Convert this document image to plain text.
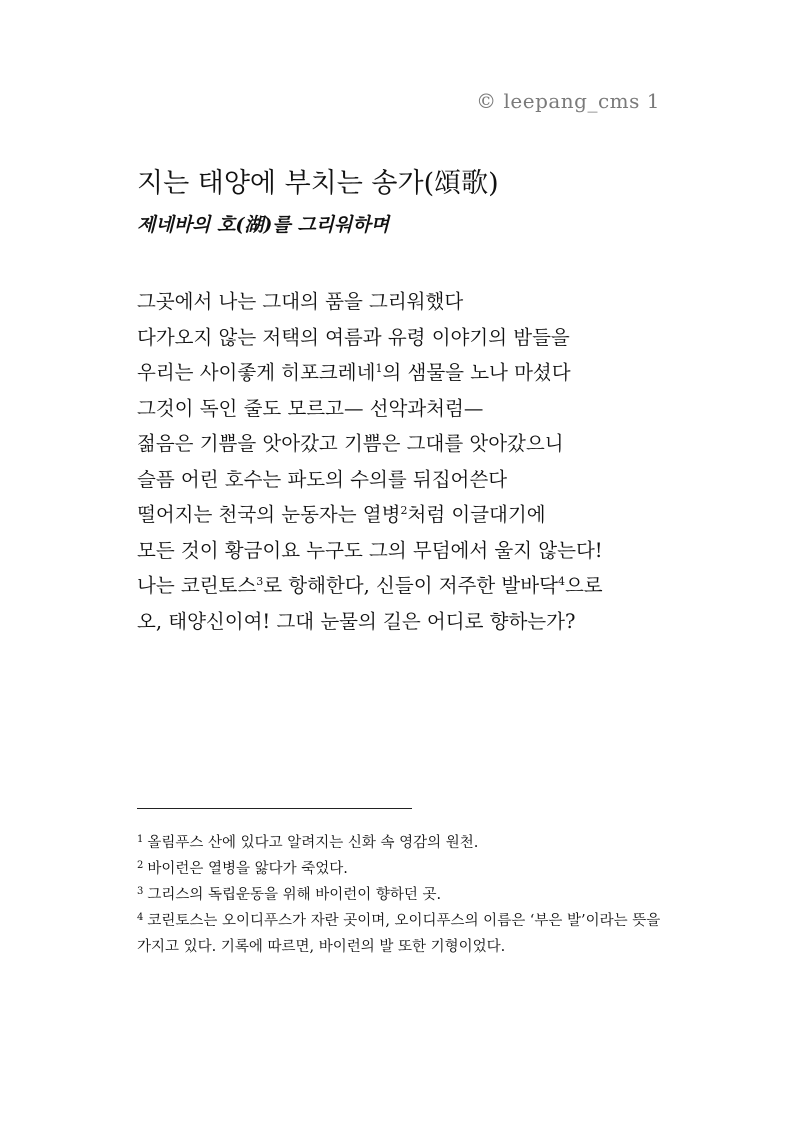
© leepang_cms 1
지는 태양에 부치는 송가(頌歌)
제네바의 호(湖)를 그리워하며
그곳에서 나는 그대의 품을 그리워했다
다가오지 않는 저택의 여름과 유령 이야기의 밤들을
우리는 사이좋게 히포크레네$^1$의 샘물을 노나 마셨다
그것이 독인 줄도 모르고— 선악과처럼—
젊음은 기쁨을 앗아갔고 기쁨은 그대를 앗아갔으니
슬픔 어린 호수는 파도의 수의를 뒤집어쓴다
떨어지는 천국의 눈동자는 열병$^2$처럼 이글대기에
모든 것이 황금이요 누구도 그의 무덤에서 울지 않는다!
나는 코린토스$^3$로 항해한다, 신들이 저주한 발바닥$^4$으로
오, 태양신이여! 그대 눈물의 길은 어디로 향하는가?

$^1$ 올림푸스 산에 있다고 알려지는 신화 속 영감의 원천.

$^2$ 바이런은 열병을 앓다가 죽었다.

$^3$ 그리스의 독립운동을 위해 바이런이 향하던 곳.

$^4$ 코린토스는 오이디푸스가 자란 곳이며, 오이디푸스의 이름은 ‘부은 발’이라는 뜻을 가지고 있다. 기록에 따르면, 바이런의 발 또한 기형이었다.
